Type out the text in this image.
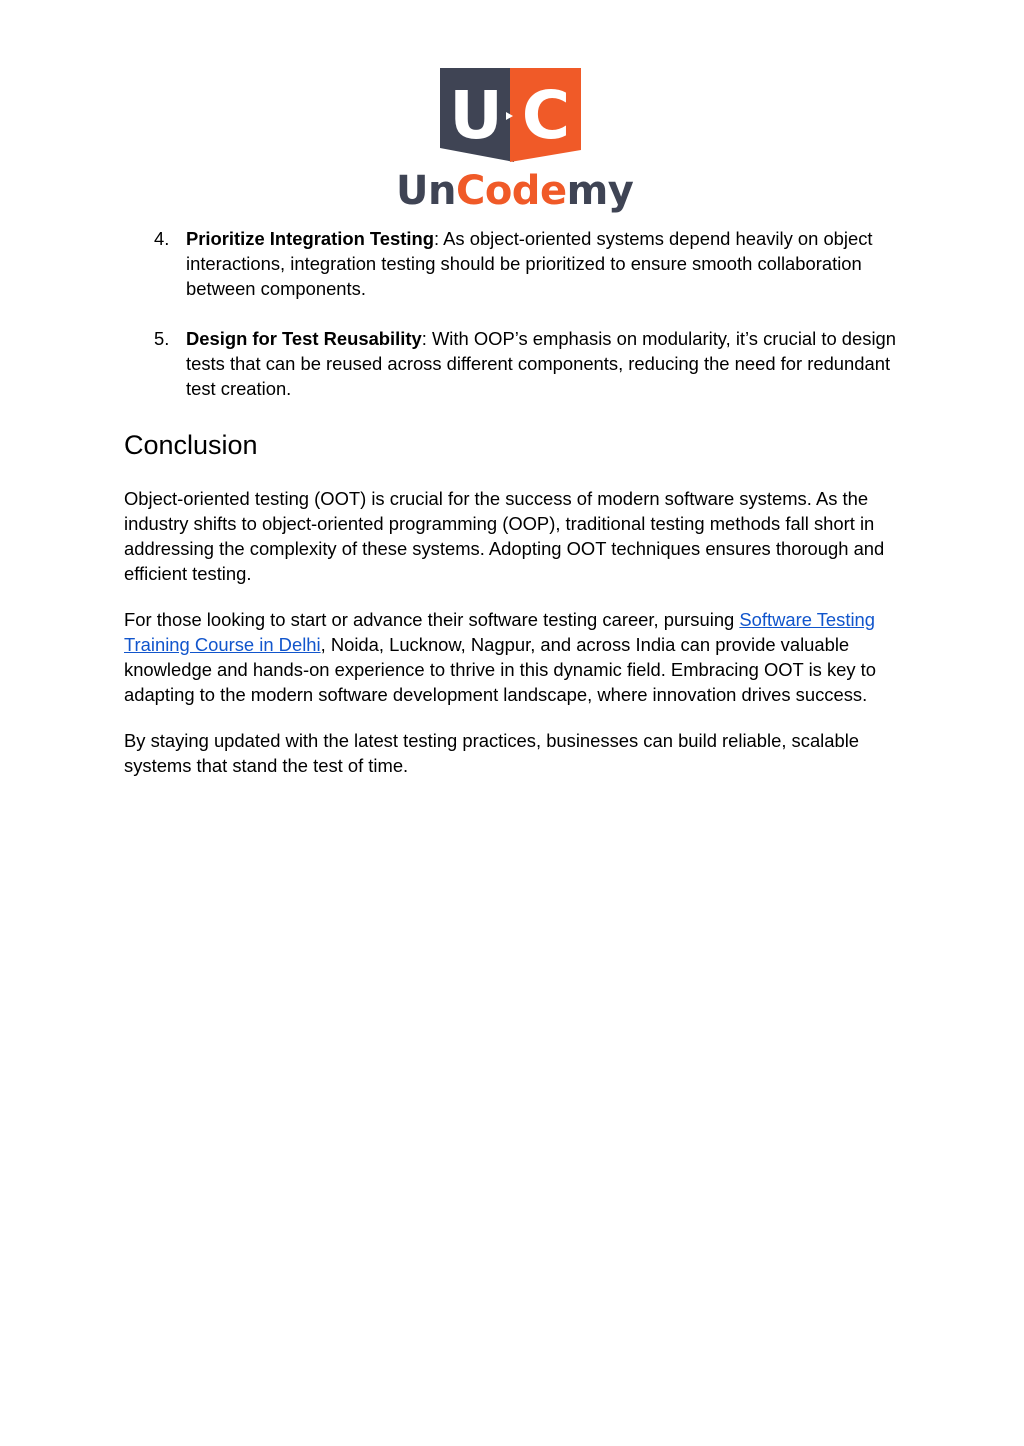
U C
UnCodemy
4. Prioritize Integration Testing: As object-oriented systems depend heavily on object interactions, integration testing should be prioritized to ensure smooth collaboration between components.
5. Design for Test Reusability: With OOP’s emphasis on modularity, it’s crucial to design tests that can be reused across different components, reducing the need for redundant test creation.
Conclusion

Object-oriented testing (OOT) is crucial for the success of modern software systems. As the industry shifts to object-oriented programming (OOP), traditional testing methods fall short in addressing the complexity of these systems. Adopting OOT techniques ensures thorough and efficient testing.

For those looking to start or advance their software testing career, pursuing Software Testing Training Course in Delhi, Noida, Lucknow, Nagpur, and across India can provide valuable knowledge and hands-on experience to thrive in this dynamic field. Embracing OOT is key to adapting to the modern software development landscape, where innovation drives success.

By staying updated with the latest testing practices, businesses can build reliable, scalable systems that stand the test of time.
